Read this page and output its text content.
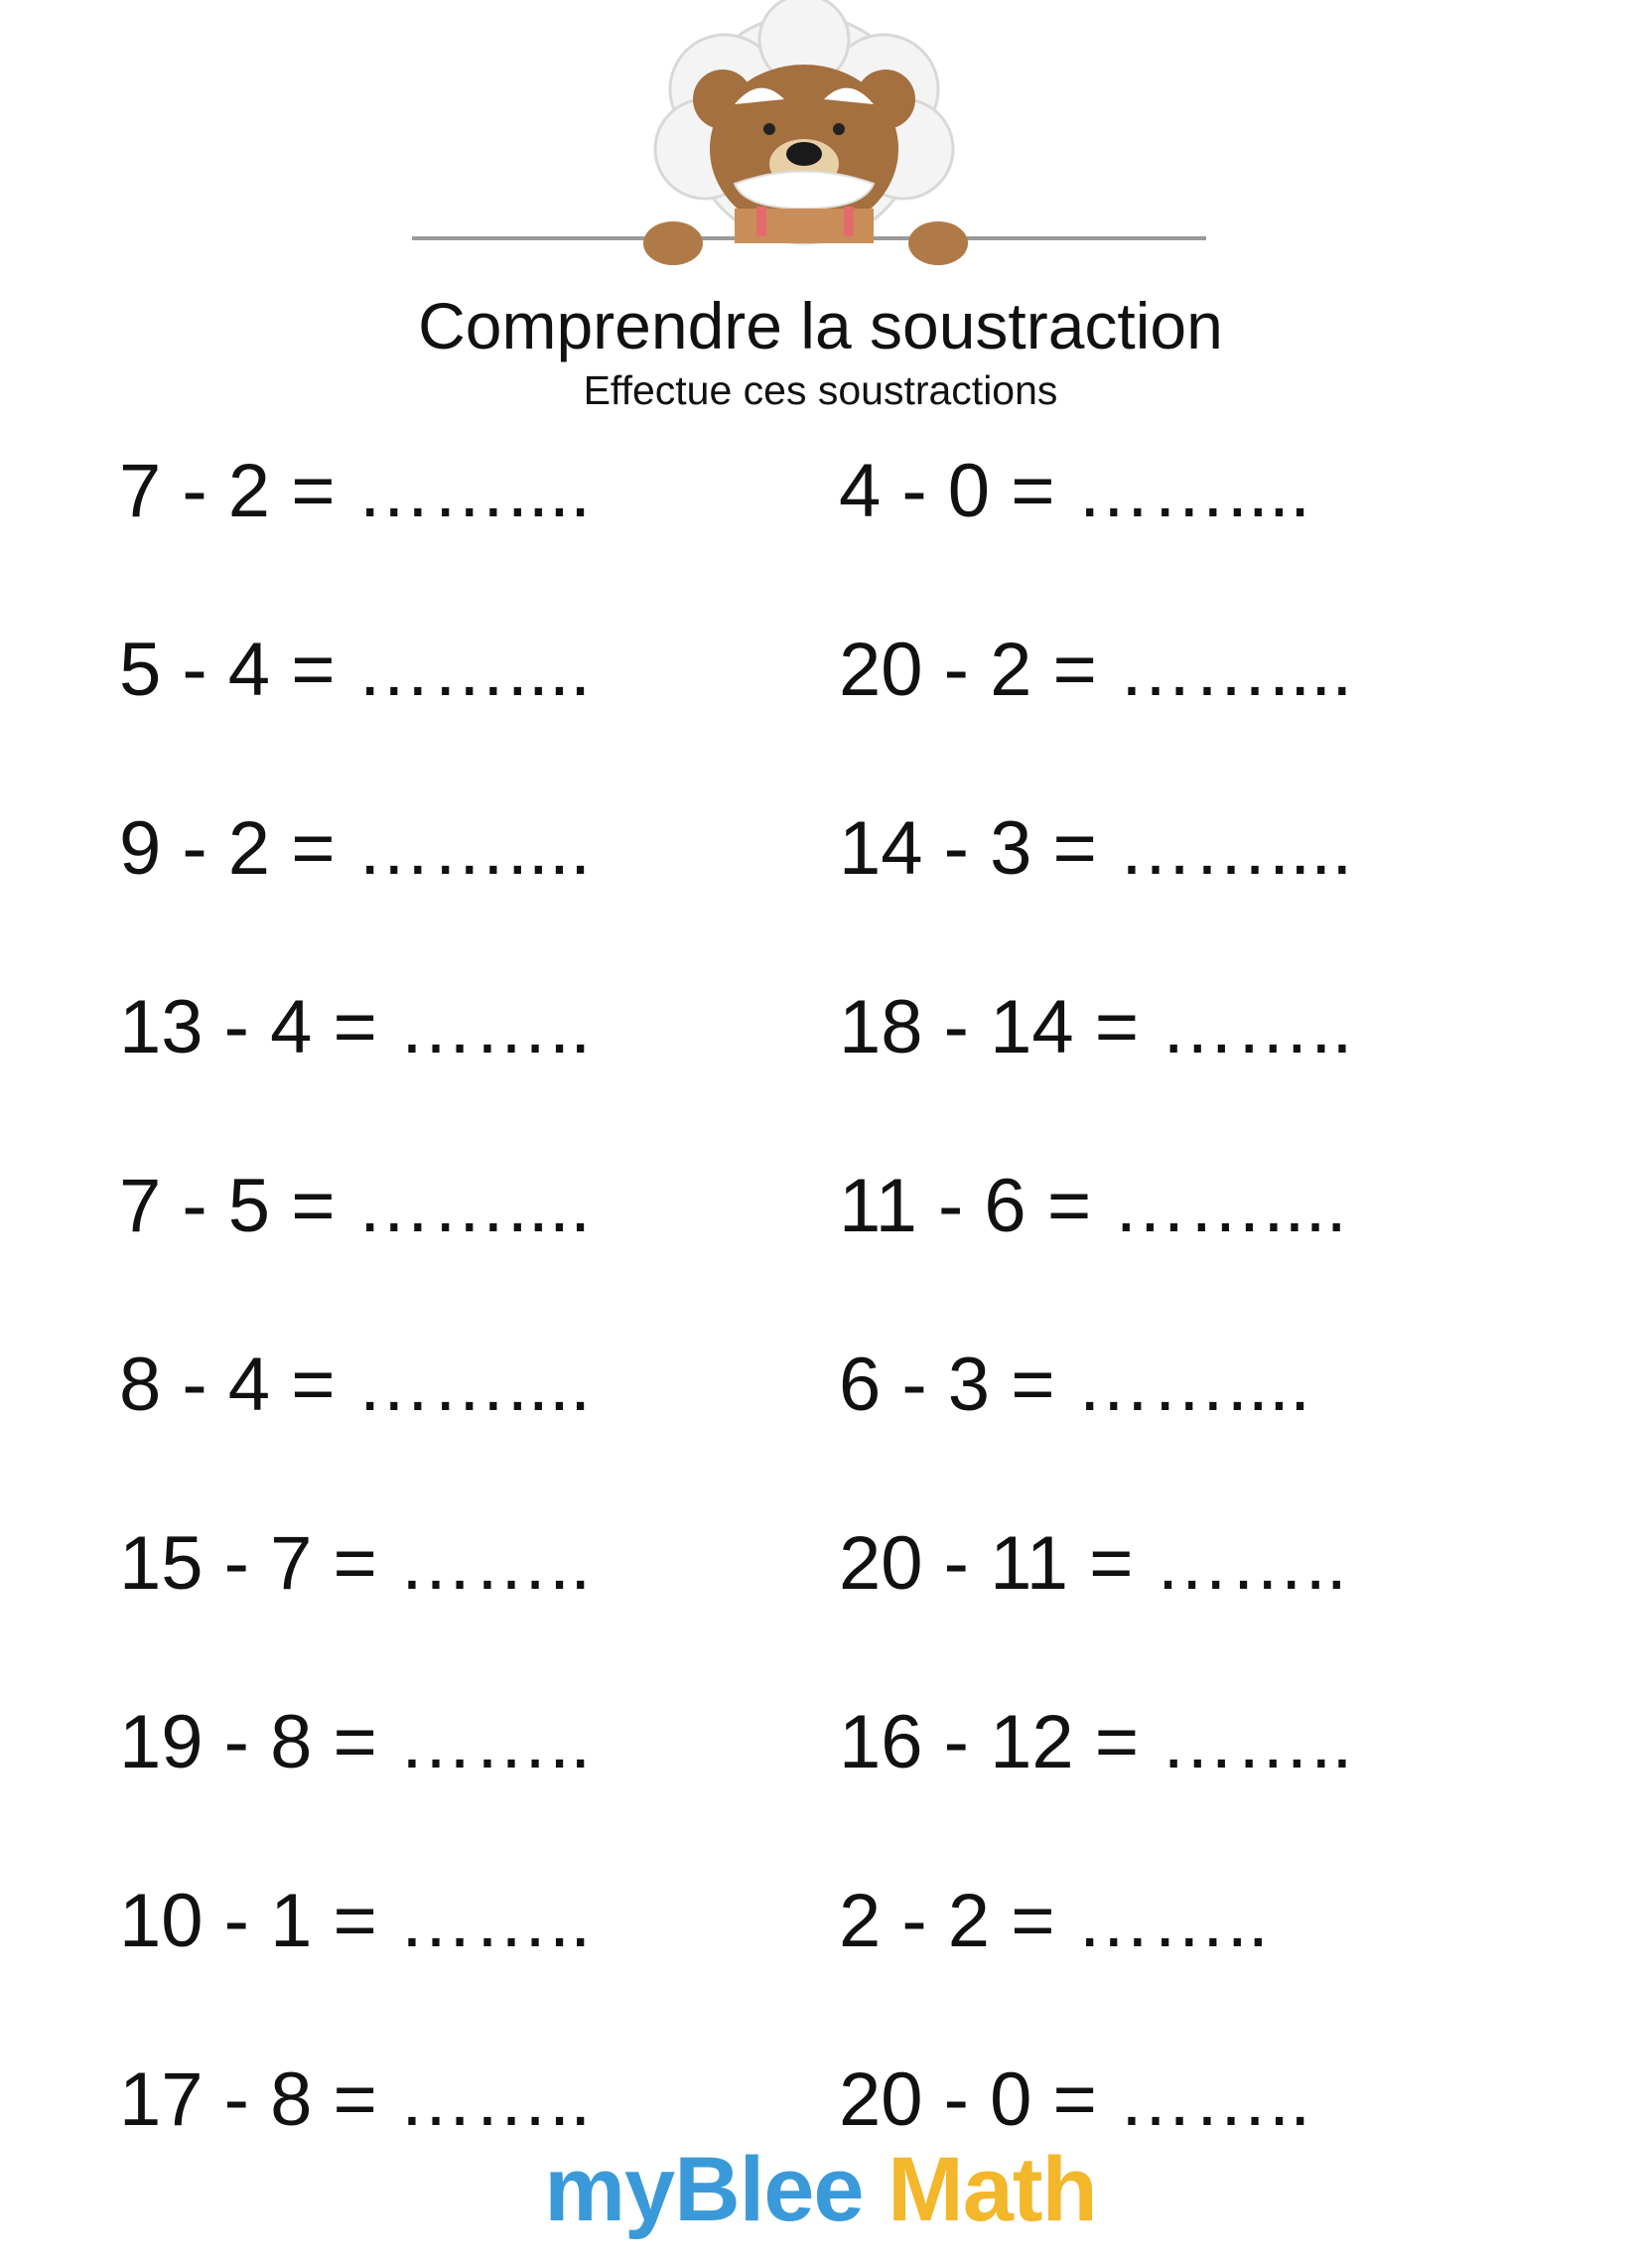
Comprendre la soustraction
Effectue ces soustractions
7 - 2 = ……....	4 - 0 = ……....
5 - 4 = ……....	20 - 2 = ……....
9 - 2 = ……....	14 - 3 = ……....
13 - 4 = ……..	18 - 14 = ……..
7 - 5 = ……....	11 - 6 = ……....
8 - 4 = ……....	6 - 3 = ……....
15 - 7 = ……..	20 - 11 = ……..
19 - 8 = ……..	16 - 12 = ……..
10 - 1 = ……..	2 - 2 = ……..
17 - 8 = ……..	20 - 0 = ……..
myBlee Math
